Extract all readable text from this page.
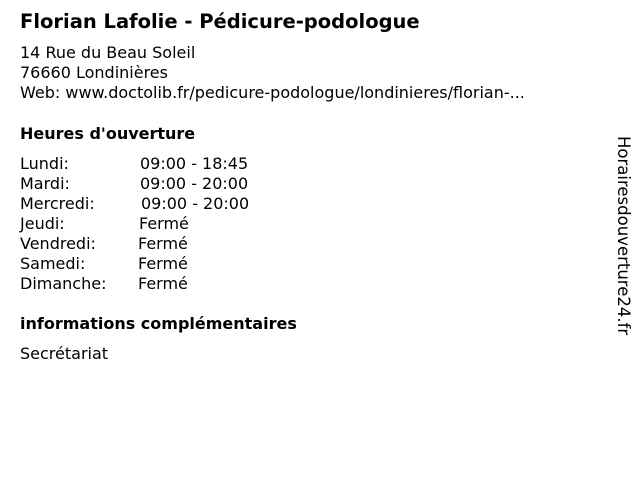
Florian Lafolie - Pédicure-podologue
14 Rue du Beau Soleil
76660 Londinières
Web: www.doctolib.fr/pedicure-podologue/londinieres/florian-...
Heures d'ouverture
Lundi:	09:00 - 18:45
Mardi:	09:00 - 20:00
Mercredi:	09:00 - 20:00
Jeudi:	Fermé
Vendredi:	Fermé
Samedi:	Fermé
Dimanche: Fermé
informations complémentaires
Secrétariat
Horairesdouverture24.fr
